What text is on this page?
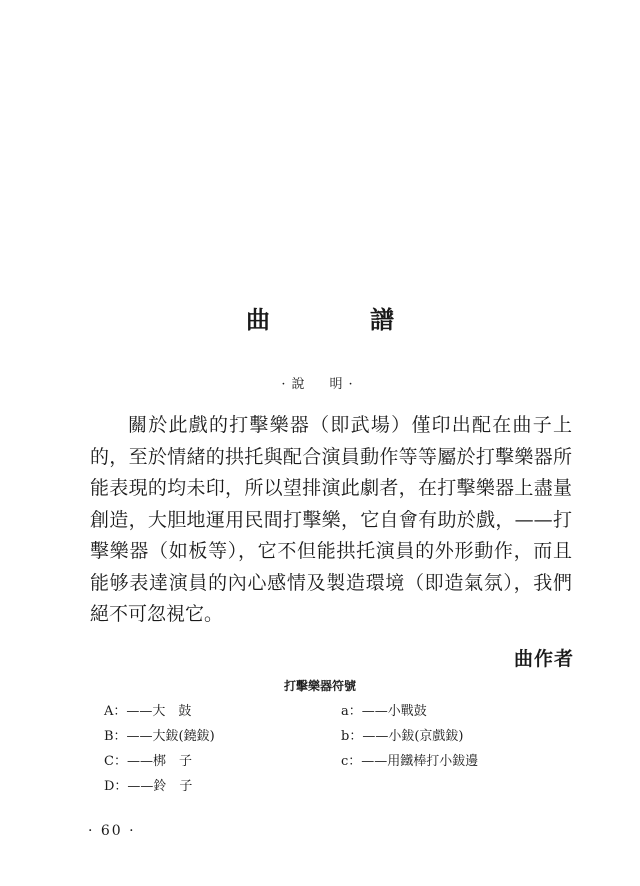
曲　譜
·說　明·

關於此戲的打擊樂器（即武場）僅印出配在曲子上的，至於情緒的拱托與配合演員動作等等屬於打擊樂器所能表現的均未印，所以望排演此劇者，在打擊樂器上盡量創造，大胆地運用民間打擊樂，它自會有助於戲，——打擊樂器（如板等），它不但能拱托演員的外形動作，而且能够表達演員的內心感情及製造環境（即造氣氛），我們絕不可忽視它。

曲作者
打擊樂器符號
A：——大　鼓	a：——小戰鼓
B：——大鈸(鐃鈸)	b：——小鈸(京戲鈸)
C：——梆　子	c：——用鐵棒打小鈸邊
D：——鈴　子
· 60 ·
